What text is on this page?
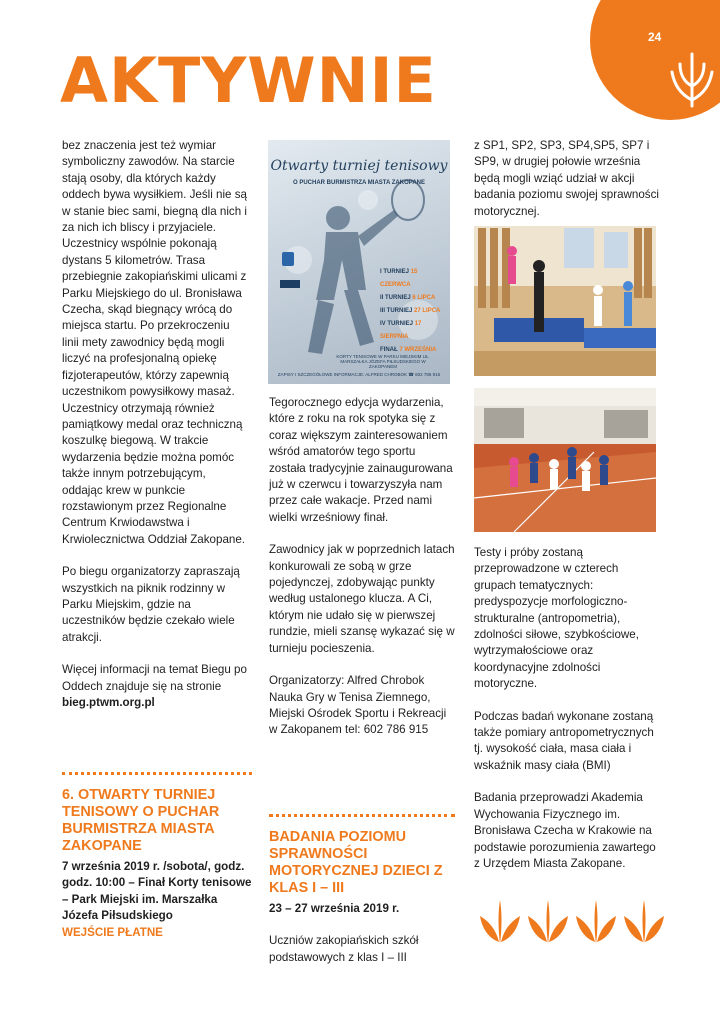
24
AKTYWNIE

bez znaczenia jest też wymiar symboliczny zawodów. Na starcie stają osoby, dla których każdy oddech bywa wysiłkiem. Jeśli nie są w stanie biec sami, biegną dla nich i za nich ich bliscy i przyjaciele. Uczestnicy wspólnie pokonają dystans 5 kilometrów. Trasa przebiegnie zakopiańskimi ulicami z Parku Miejskiego do ul. Bronisława Czecha, skąd biegnący wrócą do miejsca startu. Po przekroczeniu linii mety zawodnicy będą mogli liczyć na profesjonalną opiekę fizjoterapeutów, którzy zapewnią uczestnikom powysiłkowy masaż. Uczestnicy otrzymają również pamiątkowy medal oraz techniczną koszulkę biegową. W trakcie wydarzenia będzie można pomóc także innym potrzebującym, oddając krew w punkcie rozstawionym przez Regionalne Centrum Krwiodawstwa i Krwiolecznictwa Oddział Zakopane.

Po biegu organizatorzy zapraszają wszystkich na piknik rodzinny w Parku Miejskim, gdzie na uczestników będzie czekało wiele atrakcji.

Więcej informacji na temat Biegu po Oddech znajduje się na stronie bieg.ptwm.org.pl

6. OTWARTY TURNIEJ TENISOWY O PUCHAR BURMISTRZA MIASTA ZAKOPANE
7 września 2019 r. /sobota/, godz. godz. 10:00 – Finał Korty tenisowe – Park Miejski im. Marszałka Józefa Piłsudskiego
WEJŚCIE PŁATNE
Otwarty turniej tenisowy
O PUCHAR BURMISTRZA MIASTA ZAKOPANE
I TURNIEJ 15 CZERWCA
II TURNIEJ 6 LIPCA
III TURNIEJ 27 LIPCA
IV TURNIEJ 17 SIERPNIA
FINAŁ 7 WRZEŚNIA
KORTY TENISOWE W PARKU MIEJSKIM UL. MARSZAŁKA JÓZEFA PIŁSUDSKIEGO W ZAKOPANEM
ZAPISY I SZCZEGÓŁOWE INFORMACJE: ALFRED CHROBOK ☎ 602 786 915

Tegorocznego edycja wydarzenia, które z roku na rok spotyka się z coraz większym zainteresowaniem wśród amatorów tego sportu została tradycyjnie zainaugurowana już w czerwcu i towarzyszyła nam przez całe wakacje. Przed nami wielki wrześniowy finał.

Zawodnicy jak w poprzednich latach konkurowali ze sobą w grze pojedynczej, zdobywając punkty według ustalonego klucza. A Ci, którym nie udało się w pierwszej rundzie, mieli szansę wykazać się w turnieju pocieszenia.

Organizatorzy: Alfred Chrobok Nauka Gry w Tenisa Ziemnego, Miejski Ośrodek Sportu i Rekreacji w Zakopanem tel: 602 786 915

BADANIA POZIOMU SPRAWNOŚCI MOTORYCZNEJ DZIECI Z KLAS I – III

23 – 27 września 2019 r.

Uczniów zakopiańskich szkół podstawowych z klas I – III

z SP1, SP2, SP3, SP4,SP5, SP7 i SP9, w drugiej połowie września będą mogli wziąć udział w akcji badania poziomu swojej sprawności motorycznej.

Testy i próby zostaną przeprowadzone w czterech grupach tematycznych: predyspozycje morfologiczno-strukturalne (antropometria), zdolności siłowe, szybkościowe, wytrzymałościowe oraz koordynacyjne zdolności motoryczne.

Podczas badań wykonane zostaną także pomiary antropometrycznych tj. wysokość ciała, masa ciała i wskaźnik masy ciała (BMI)

Badania przeprowadzi Akademia Wychowania Fizycznego im. Bronisława Czecha w Krakowie na podstawie porozumienia zawartego z Urzędem Miasta Zakopane.
